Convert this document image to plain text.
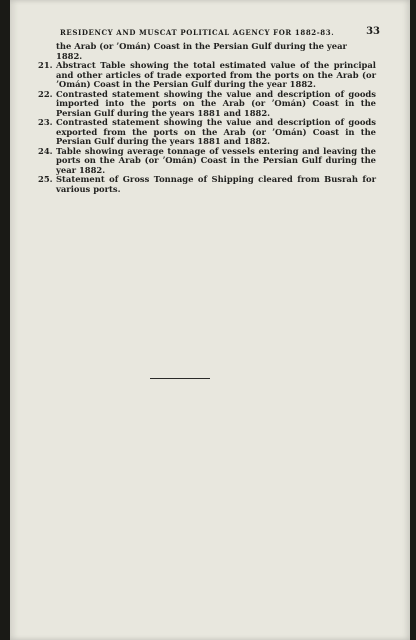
RESIDENCY AND MUSCAT POLITICAL AGENCY FOR 1882-83.	33
the Arab (or ʼOmán) Coast in the Persian Gulf during the year 1882.
21. Abstract Table showing the total estimated value of the principal and other articles of trade exported from the ports on the Arab (or ʼOmán) Coast in the Persian Gulf during the year 1882.
22. Contrasted statement showing the value and description of goods imported into the ports on the Arab (or ʼOmán) Coast in the Persian Gulf during the years 1881 and 1882.
23. Contrasted statement showing the value and description of goods exported from the ports on the Arab (or ʼOmán) Coast in the Persian Gulf during the years 1881 and 1882.
24. Table showing average tonnage of vessels entering and leaving the ports on the Arab (or ʼOmán) Coast in the Persian Gulf during the year 1882.
25. Statement of Gross Tonnage of Shipping cleared from Busrah for various ports.
